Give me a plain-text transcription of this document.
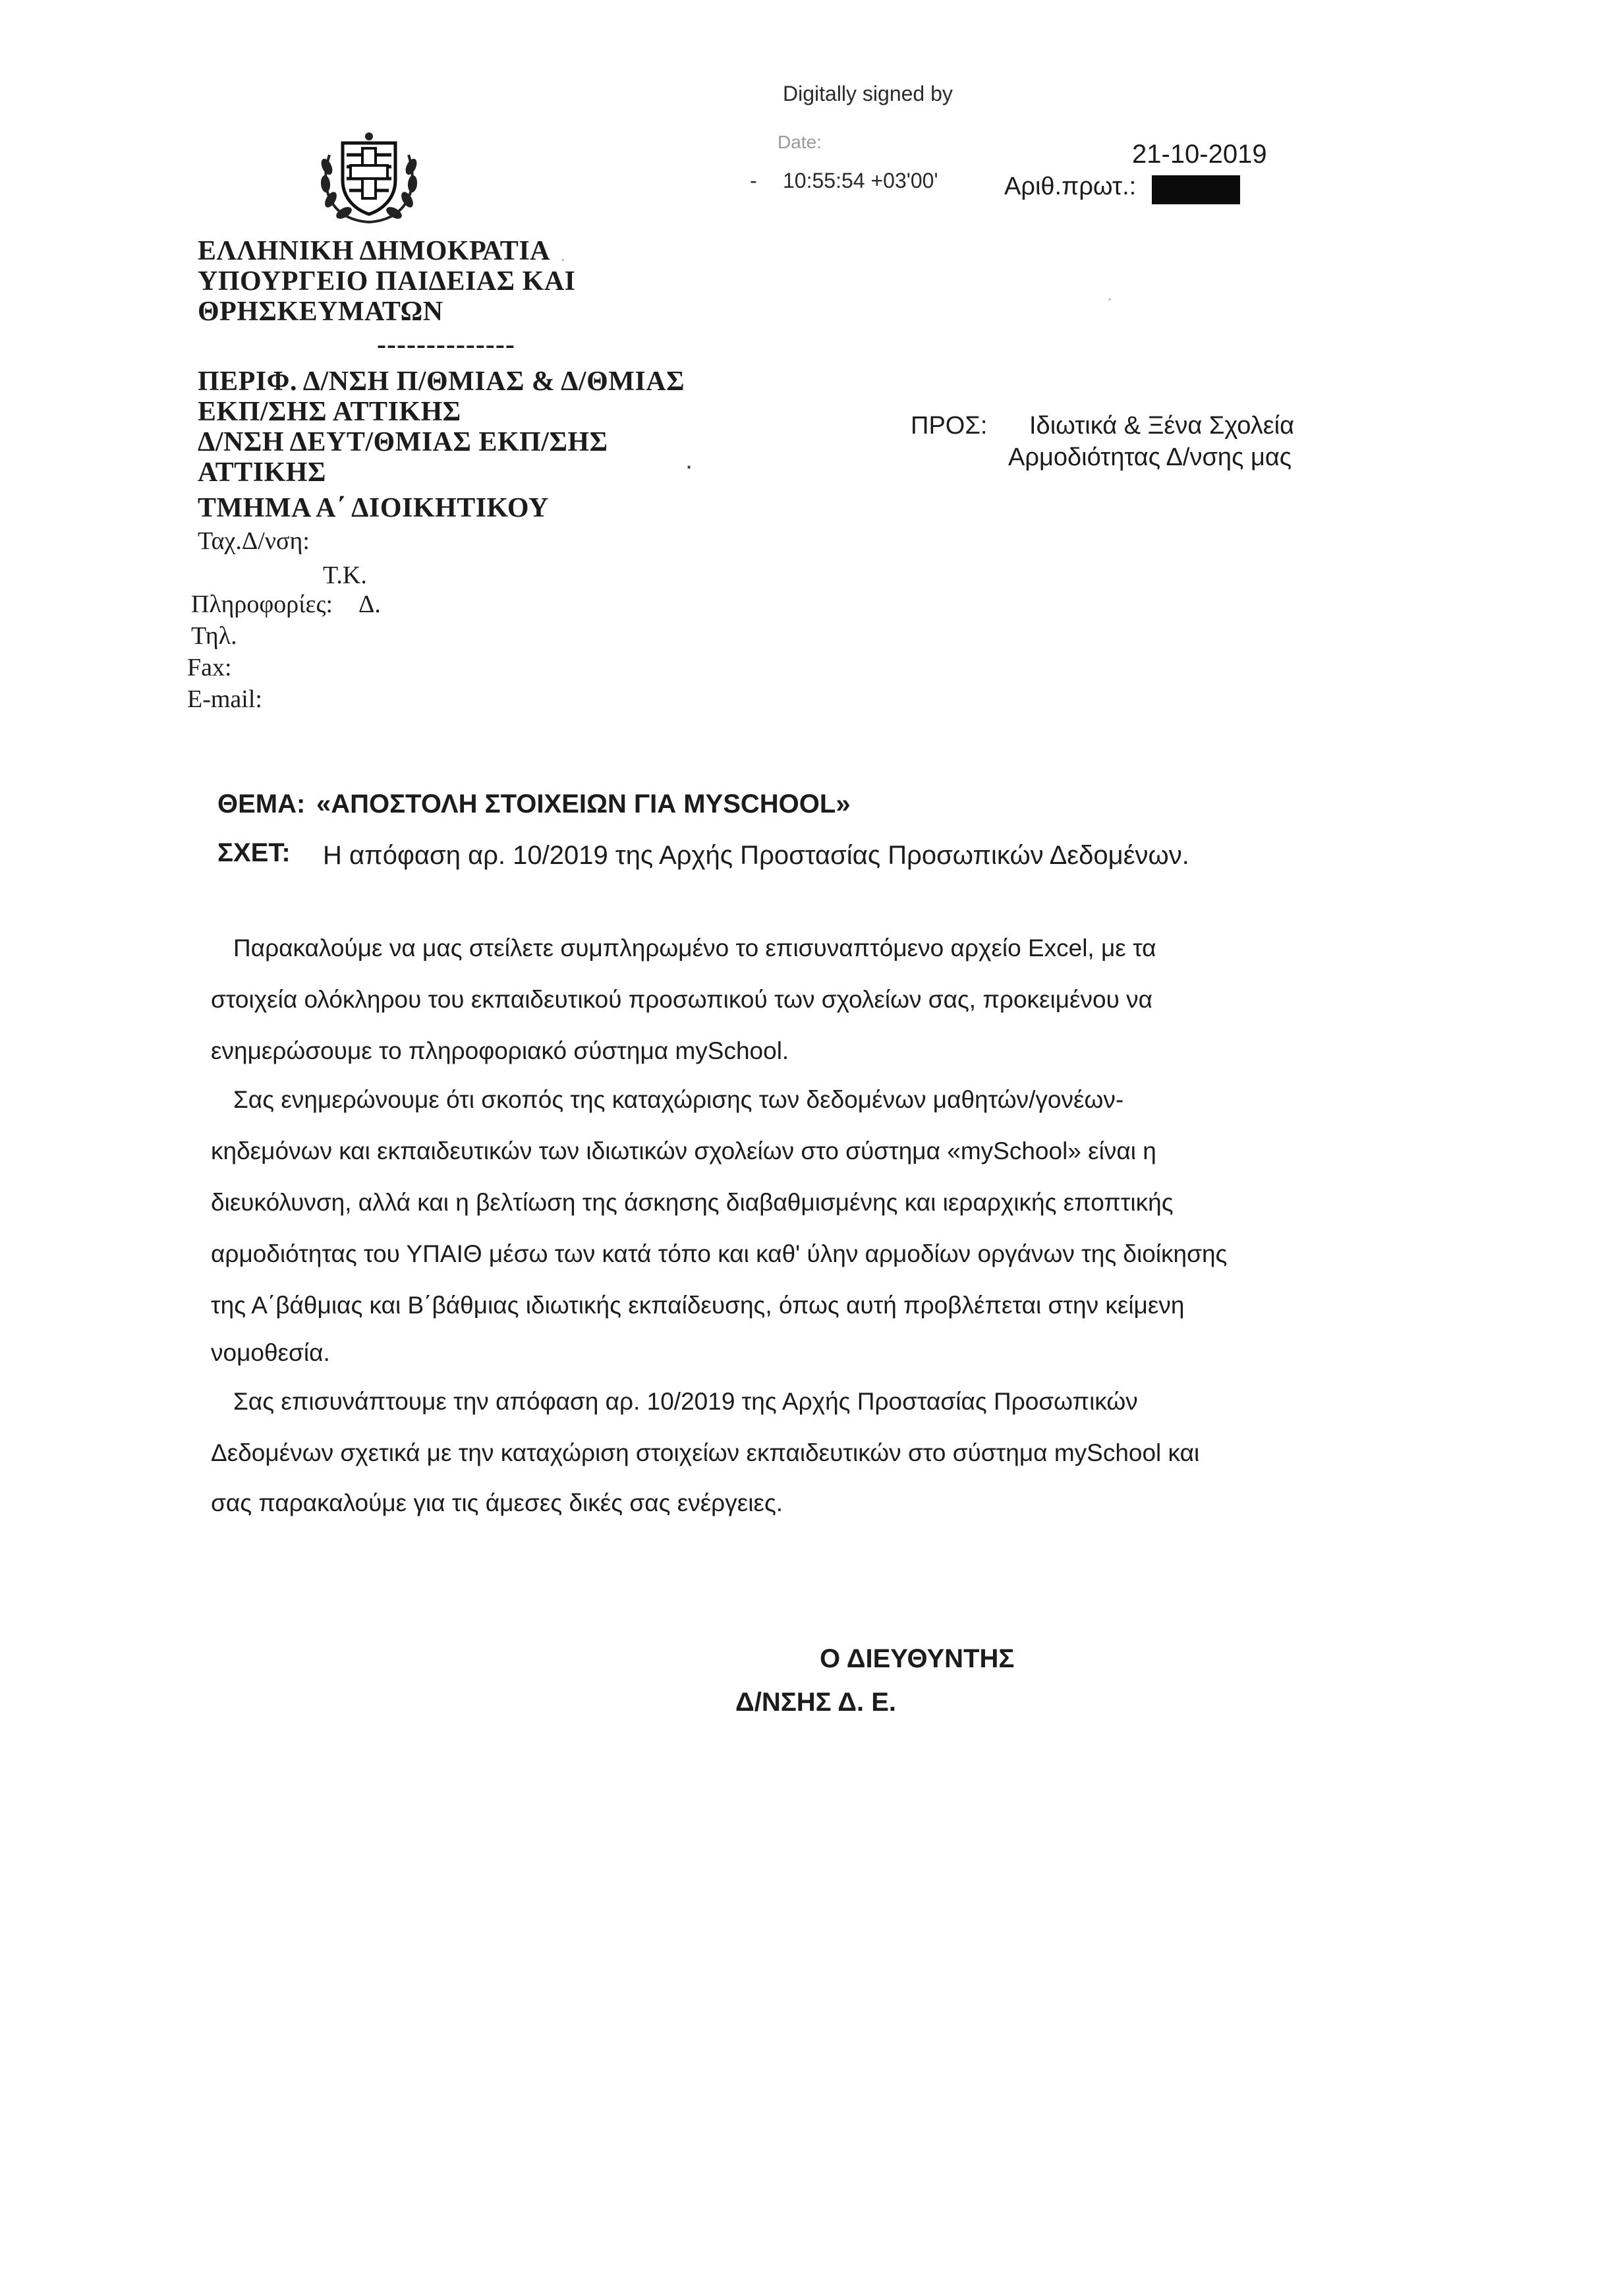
Digitally signed by
Date:
- 10:55:54 +03'00'
21-10-2019
Αριθ.πρωτ.:
ΕΛΛΗΝΙΚΗ ΔΗΜΟΚΡΑΤΙΑ
ΥΠΟΥΡΓΕΙΟ ΠΑΙΔΕΙΑΣ ΚΑΙ
ΘΡΗΣΚΕΥΜΑΤΩΝ
--------------
ΠΕΡΙΦ. Δ/ΝΣΗ Π/ΘΜΙΑΣ & Δ/ΘΜΙΑΣ
ΕΚΠ/ΣΗΣ ΑΤΤΙΚΗΣ
Δ/ΝΣΗ ΔΕΥΤ/ΘΜΙΑΣ ΕΚΠ/ΣΗΣ
ΑΤΤΙΚΗΣ
ΤΜΗΜΑ Α΄ ΔΙΟΙΚΗΤΙΚΟΥ
Ταχ.Δ/νση:
Τ.Κ.
Πληροφορίες: Δ.
Τηλ.
Fax:
E-mail:
.
.
.
ΠΡΟΣ: Ιδιωτικά & Ξένα Σχολεία
Αρμοδιότητας Δ/νσης μας
ΘΕΜΑ: «ΑΠΟΣΤΟΛΗ ΣΤΟΙΧΕΙΩΝ ΓΙΑ MYSCHOOL»
ΣΧΕΤ: Η απόφαση αρ. 10/2019 της Αρχής Προστασίας Προσωπικών Δεδομένων.
Παρακαλούμε να μας στείλετε συμπληρωμένο το επισυναπτόμενο αρχείο Excel, με τα
στοιχεία ολόκληρου του εκπαιδευτικού προσωπικού των σχολείων σας, προκειμένου να
ενημερώσουμε το πληροφοριακό σύστημα mySchool.
Σας ενημερώνουμε ότι σκοπός της καταχώρισης των δεδομένων μαθητών/γονέων-
κηδεμόνων και εκπαιδευτικών των ιδιωτικών σχολείων στο σύστημα «mySchool» είναι η
διευκόλυνση, αλλά και η βελτίωση της άσκησης διαβαθμισμένης και ιεραρχικής εποπτικής
αρμοδιότητας του ΥΠΑΙΘ μέσω των κατά τόπο και καθ' ύλην αρμοδίων οργάνων της διοίκησης
της Α΄βάθμιας και Β΄βάθμιας ιδιωτικής εκπαίδευσης, όπως αυτή προβλέπεται στην κείμενη
νομοθεσία.
Σας επισυνάπτουμε την απόφαση αρ. 10/2019 της Αρχής Προστασίας Προσωπικών
Δεδομένων σχετικά με την καταχώριση στοιχείων εκπαιδευτικών στο σύστημα mySchool και
σας παρακαλούμε για τις άμεσες δικές σας ενέργειες.
Ο ΔΙΕΥΘΥΝΤΗΣ
Δ/ΝΣΗΣ Δ. Ε.
